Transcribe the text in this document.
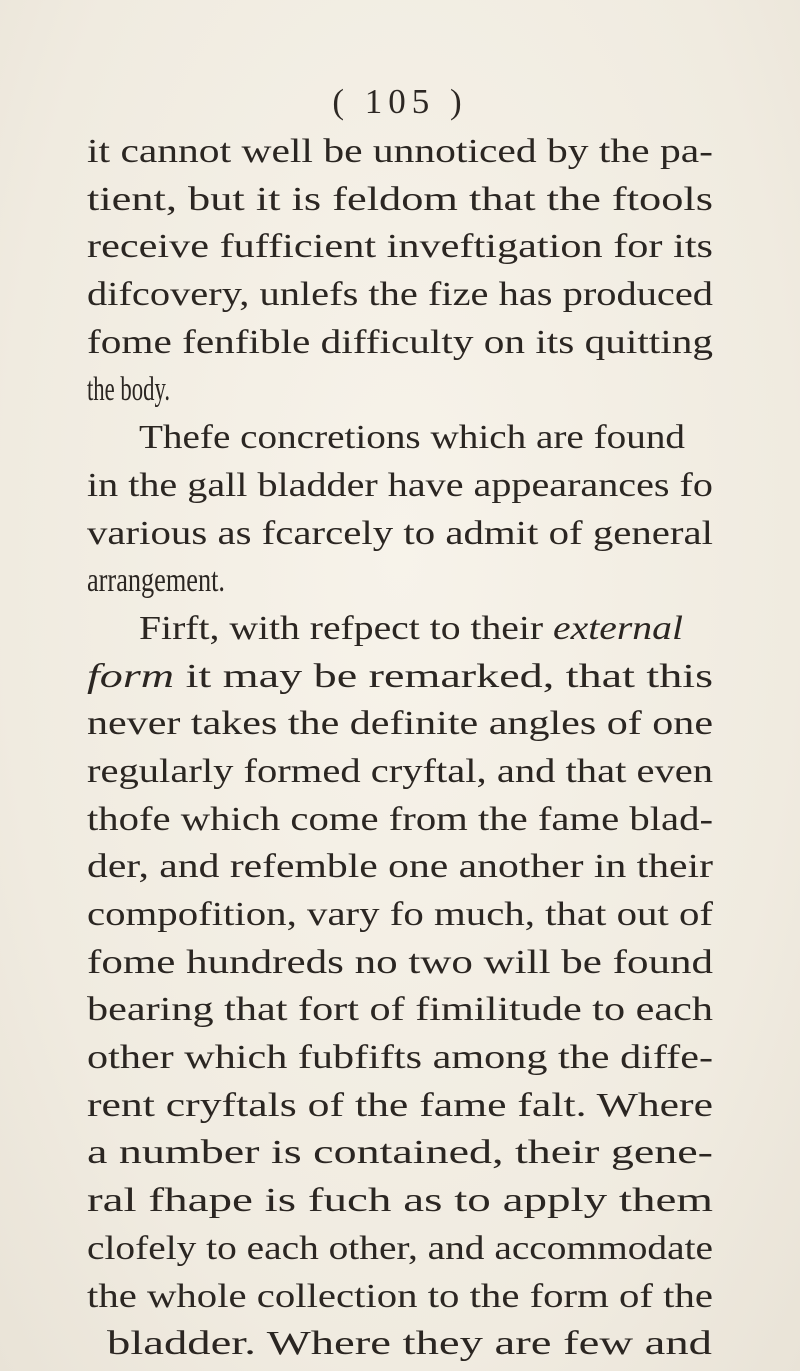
( 105 )
it cannot well be unnoticed by the pa-
tient, but it is feldom that the ftools
receive fufficient inveftigation for its
difcovery, unlefs the fize has produced
fome fenfible difficulty on its quitting
the body.
Thefe concretions which are found
in the gall bladder have appearances fo
various as fcarcely to admit of general
arrangement.
Firft, with refpect to their external
form it may be remarked, that this
never takes the definite angles of one
regularly formed cryftal, and that even
thofe which come from the fame blad-
der, and refemble one another in their
compofition, vary fo much, that out of
fome hundreds no two will be found
bearing that fort of fimilitude to each
other which fubfifts among the diffe-
rent cryftals of the fame falt. Where
a number is contained, their gene-
ral fhape is fuch as to apply them
clofely to each other, and accommodate
the whole collection to the form of the
bladder. Where they are few and
